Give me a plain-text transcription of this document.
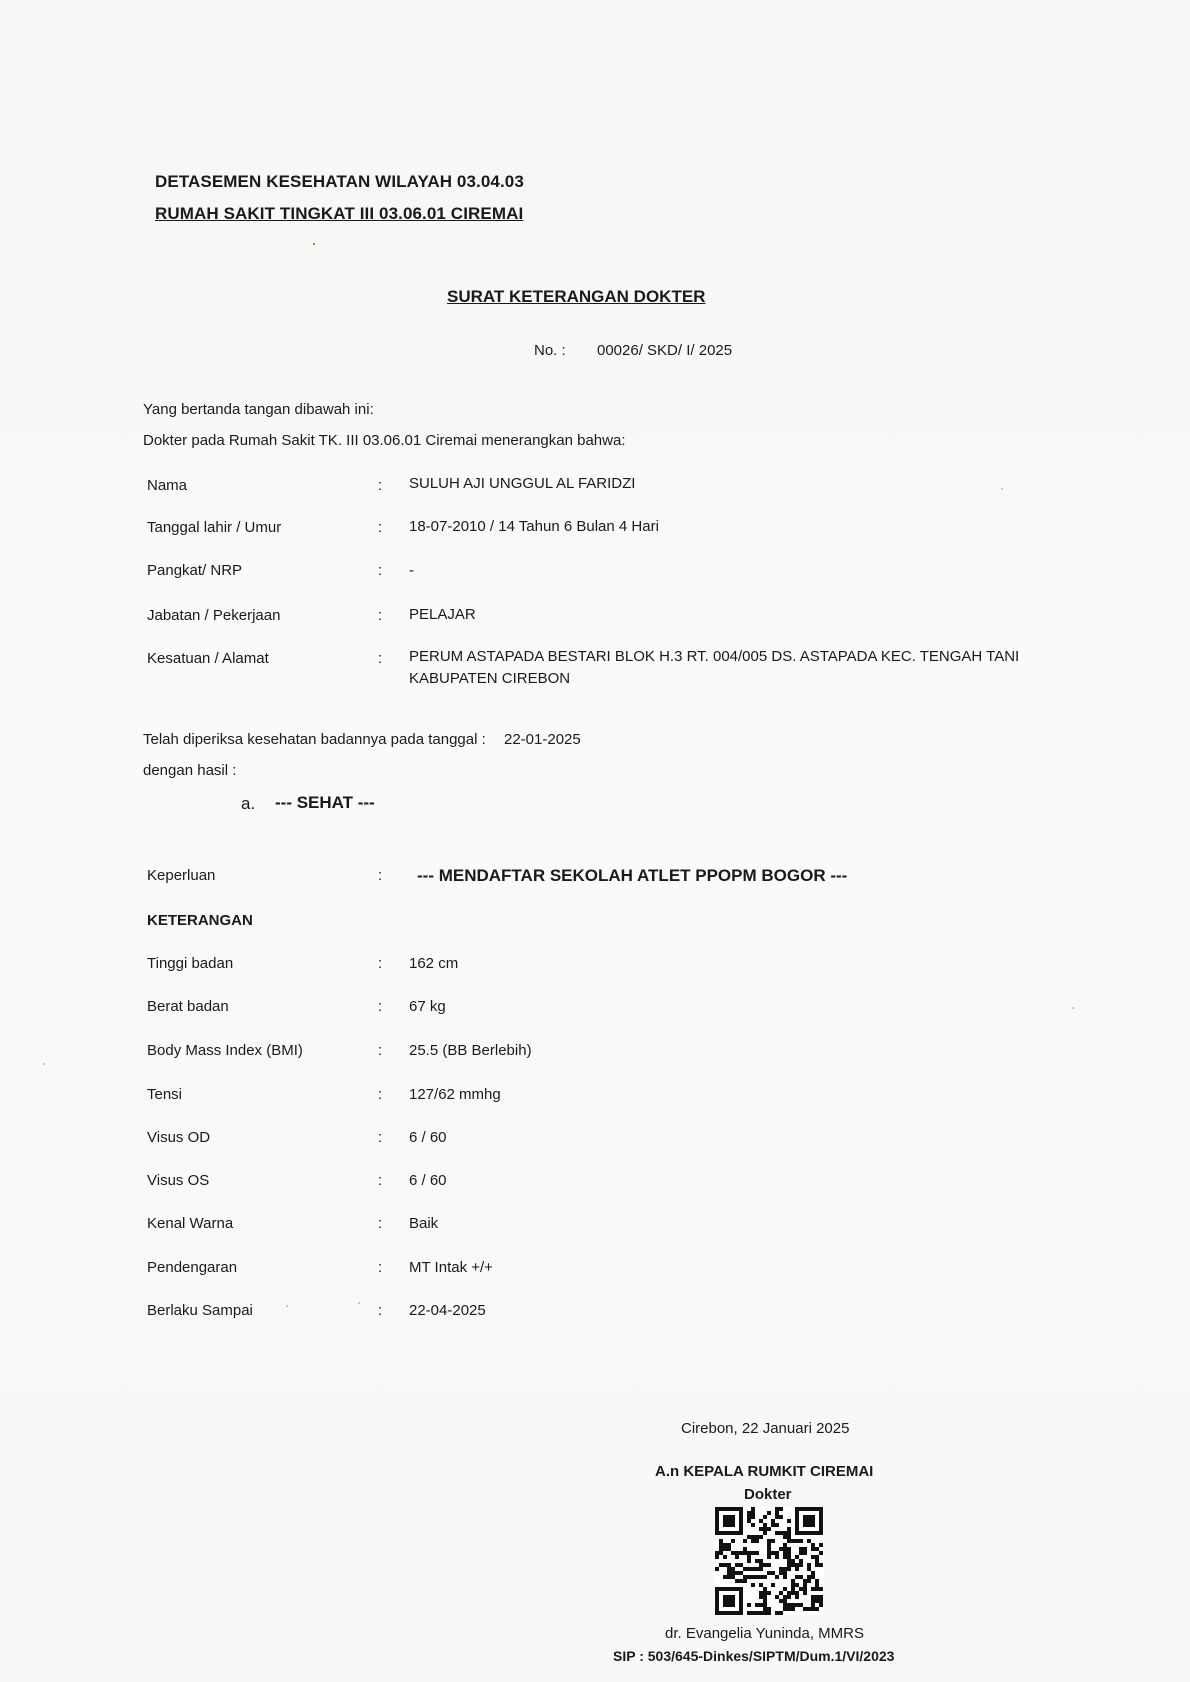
DETASEMEN KESEHATAN WILAYAH 03.04.03
RUMAH SAKIT TINGKAT III 03.06.01 CIREMAI
SURAT KETERANGAN DOKTER
No. : 00026/ SKD/ I/ 2025
Yang bertanda tangan dibawah ini:
Dokter pada Rumah Sakit TK. III 03.06.01 Ciremai menerangkan bahwa:
Nama	: SULUH AJI UNGGUL AL FARIDZI
Tanggal lahir / Umur	: 18-07-2010 / 14 Tahun 6 Bulan 4 Hari
Pangkat/ NRP	: -
Jabatan / Pekerjaan	: PELAJAR
Kesatuan / Alamat	: PERUM ASTAPADA BESTARI BLOK H.3 RT. 004/005 DS. ASTAPADA KEC. TENGAH TANI KABUPATEN CIREBON
Telah diperiksa kesehatan badannya pada tanggal : 22-01-2025
dengan hasil :
a. --- SEHAT ---
Keperluan	: --- MENDAFTAR SEKOLAH ATLET PPOPM BOGOR ---
KETERANGAN
Tinggi badan	: 162 cm
Berat badan	: 67 kg
Body Mass Index (BMI)	: 25.5 (BB Berlebih)
Tensi	: 127/62 mmhg
Visus OD	: 6 / 60
Visus OS	: 6 / 60
Kenal Warna	: Baik
Pendengaran	: MT Intak +/+
Berlaku Sampai	: 22-04-2025
Cirebon, 22 Januari 2025
A.n KEPALA RUMKIT CIREMAI
Dokter
dr. Evangelia Yuninda, MMRS
SIP : 503/645-Dinkes/SIPTM/Dum.1/VI/2023
